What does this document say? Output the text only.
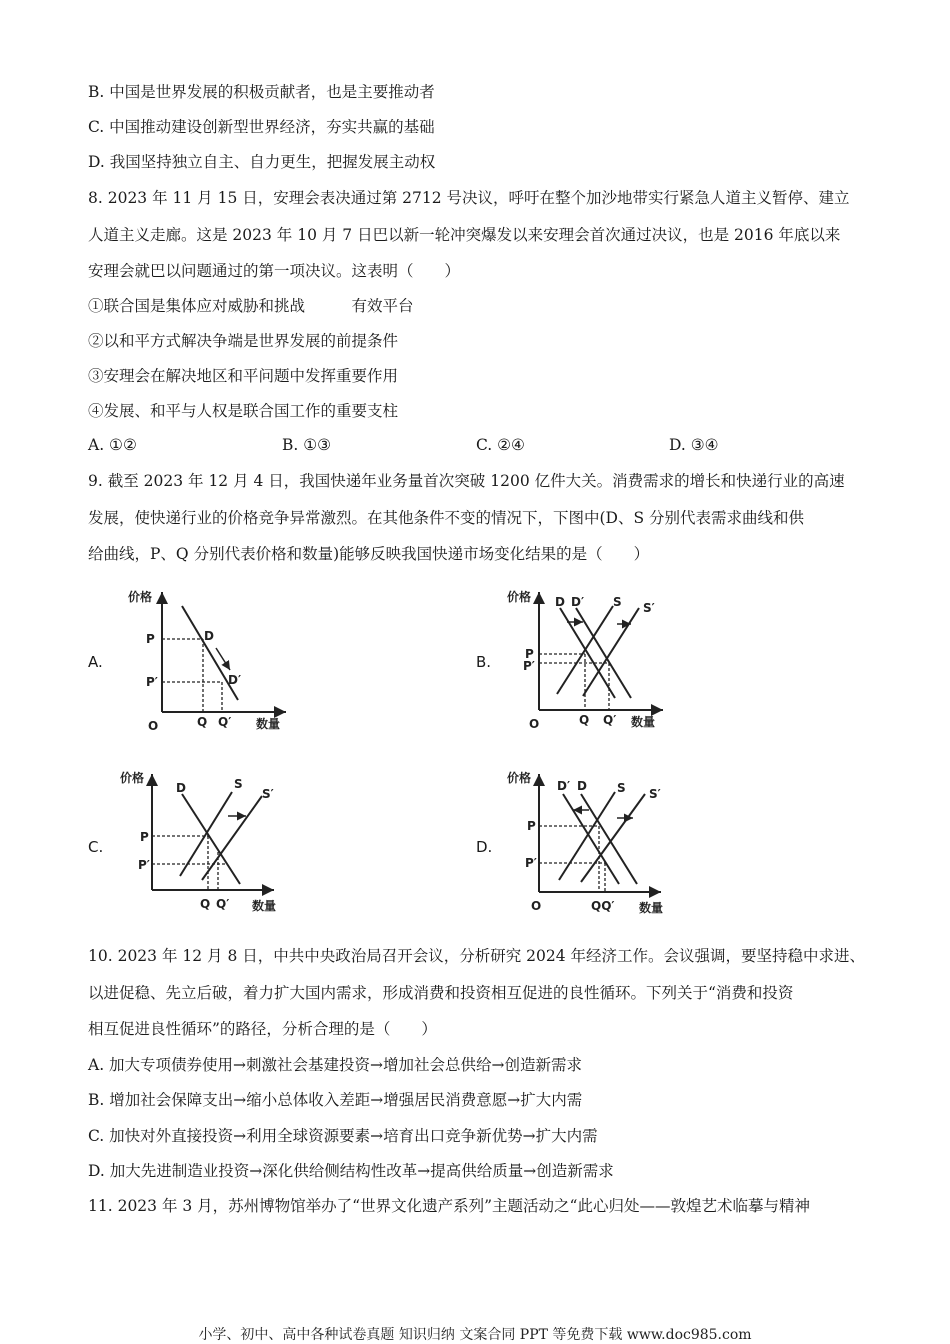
B. 中国是世界发展的积极贡献者，也是主要推动者
C. 中国推动建设创新型世界经济，夯实共赢的基础
D. 我国坚持独立自主、自力更生，把握发展主动权
8. 2023 年 11 月 15 日，安理会表决通过第 2712 号决议，呼吁在整个加沙地带实行紧急人道主义暂停、建立
人道主义走廊。这是 2023 年 10 月 7 日巴以新一轮冲突爆发以来安理会首次通过决议，也是 2016 年底以来
安理会就巴以问题通过的第一项决议。这表明（　　）
①联合国是集体应对威胁和挑战　　　有效平台
②以和平方式解决争端是世界发展的前提条件
③安理会在解决地区和平问题中发挥重要作用
④发展、和平与人权是联合国工作的重要支柱
A. ①②	B. ①③	C. ②④	D. ③④
9. 截至 2023 年 12 月 4 日，我国快递年业务量首次突破 1200 亿件大关。消费需求的增长和快递行业的高速
发展，使快递行业的价格竞争异常激烈。在其他条件不变的情况下，下图中(D、S 分别代表需求曲线和供
给曲线，P、Q 分别代表价格和数量)能够反映我国快递市场变化结果的是（　　）
A.	B.
C.	D.
价格
P
P′
D
D′
O	Q Q′ 数量
价格 D D′ S S′
P
P′
O	Q Q′ 数量
价格
D	S
S′
P
P′
Q Q′ 数量
价格
D′ D	S S′
P
P′
O	QQ′ 数量
10. 2023 年 12 月 8 日，中共中央政治局召开会议，分析研究 2024 年经济工作。会议强调，要坚持稳中求进、
以进促稳、先立后破，着力扩大国内需求，形成消费和投资相互促进的良性循环。下列关于“消费和投资
相互促进良性循环”的路径，分析合理的是（　　）
A. 加大专项债券使用→刺激社会基建投资→增加社会总供给→创造新需求
B. 增加社会保障支出→缩小总体收入差距→增强居民消费意愿→扩大内需
C. 加快对外直接投资→利用全球资源要素→培育出口竞争新优势→扩大内需
D. 加大先进制造业投资→深化供给侧结构性改革→提高供给质量→创造新需求
11. 2023 年 3 月，苏州博物馆举办了“世界文化遗产系列”主题活动之“此心归处——敦煌艺术临摹与精神
小学、初中、高中各种试卷真题 知识归纳 文案合同 PPT 等免费下载 www.doc985.com
